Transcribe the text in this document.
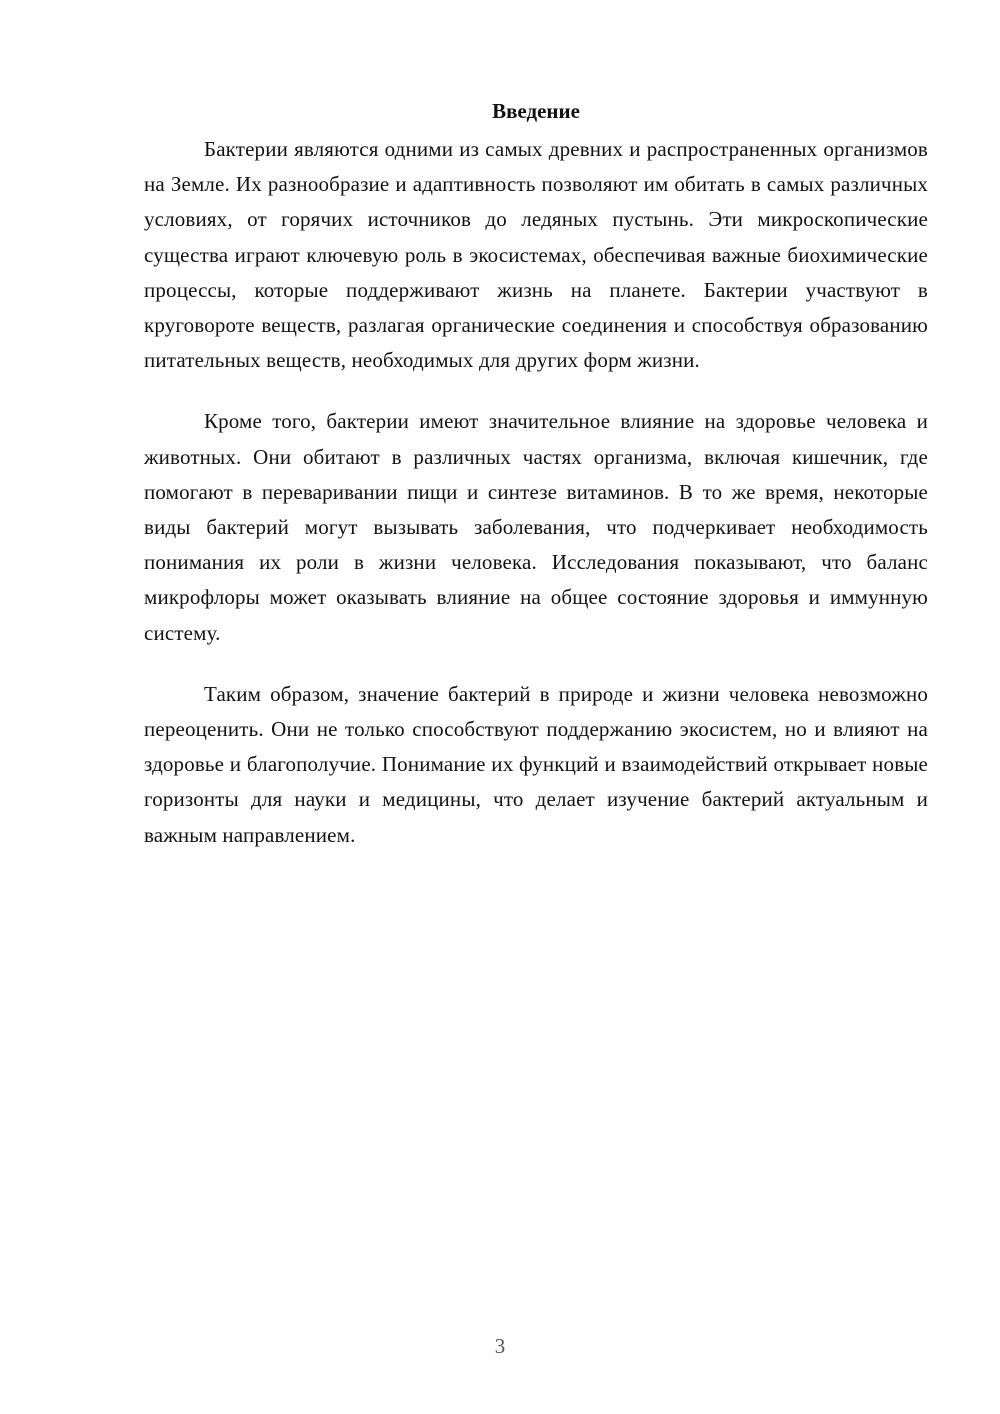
Введение

Бактерии являются одними из самых древних и распространенных организмов на Земле. Их разнообразие и адаптивность позволяют им обитать в самых различных условиях, от горячих источников до ледяных пустынь. Эти микроскопические существа играют ключевую роль в экосистемах, обеспечивая важные биохимические процессы, которые поддерживают жизнь на планете. Бактерии участвуют в круговороте веществ, разлагая органические соединения и способствуя образованию питательных веществ, необходимых для других форм жизни.

Кроме того, бактерии имеют значительное влияние на здоровье человека и животных. Они обитают в различных частях организма, включая кишечник, где помогают в переваривании пищи и синтезе витаминов. В то же время, некоторые виды бактерий могут вызывать заболевания, что подчеркивает необходимость понимания их роли в жизни человека. Исследования показывают, что баланс микрофлоры может оказывать влияние на общее состояние здоровья и иммунную систему.

Таким образом, значение бактерий в природе и жизни человека невозможно переоценить. Они не только способствуют поддержанию экосистем, но и влияют на здоровье и благополучие. Понимание их функций и взаимодействий открывает новые горизонты для науки и медицины, что делает изучение бактерий актуальным и важным направлением.

3
